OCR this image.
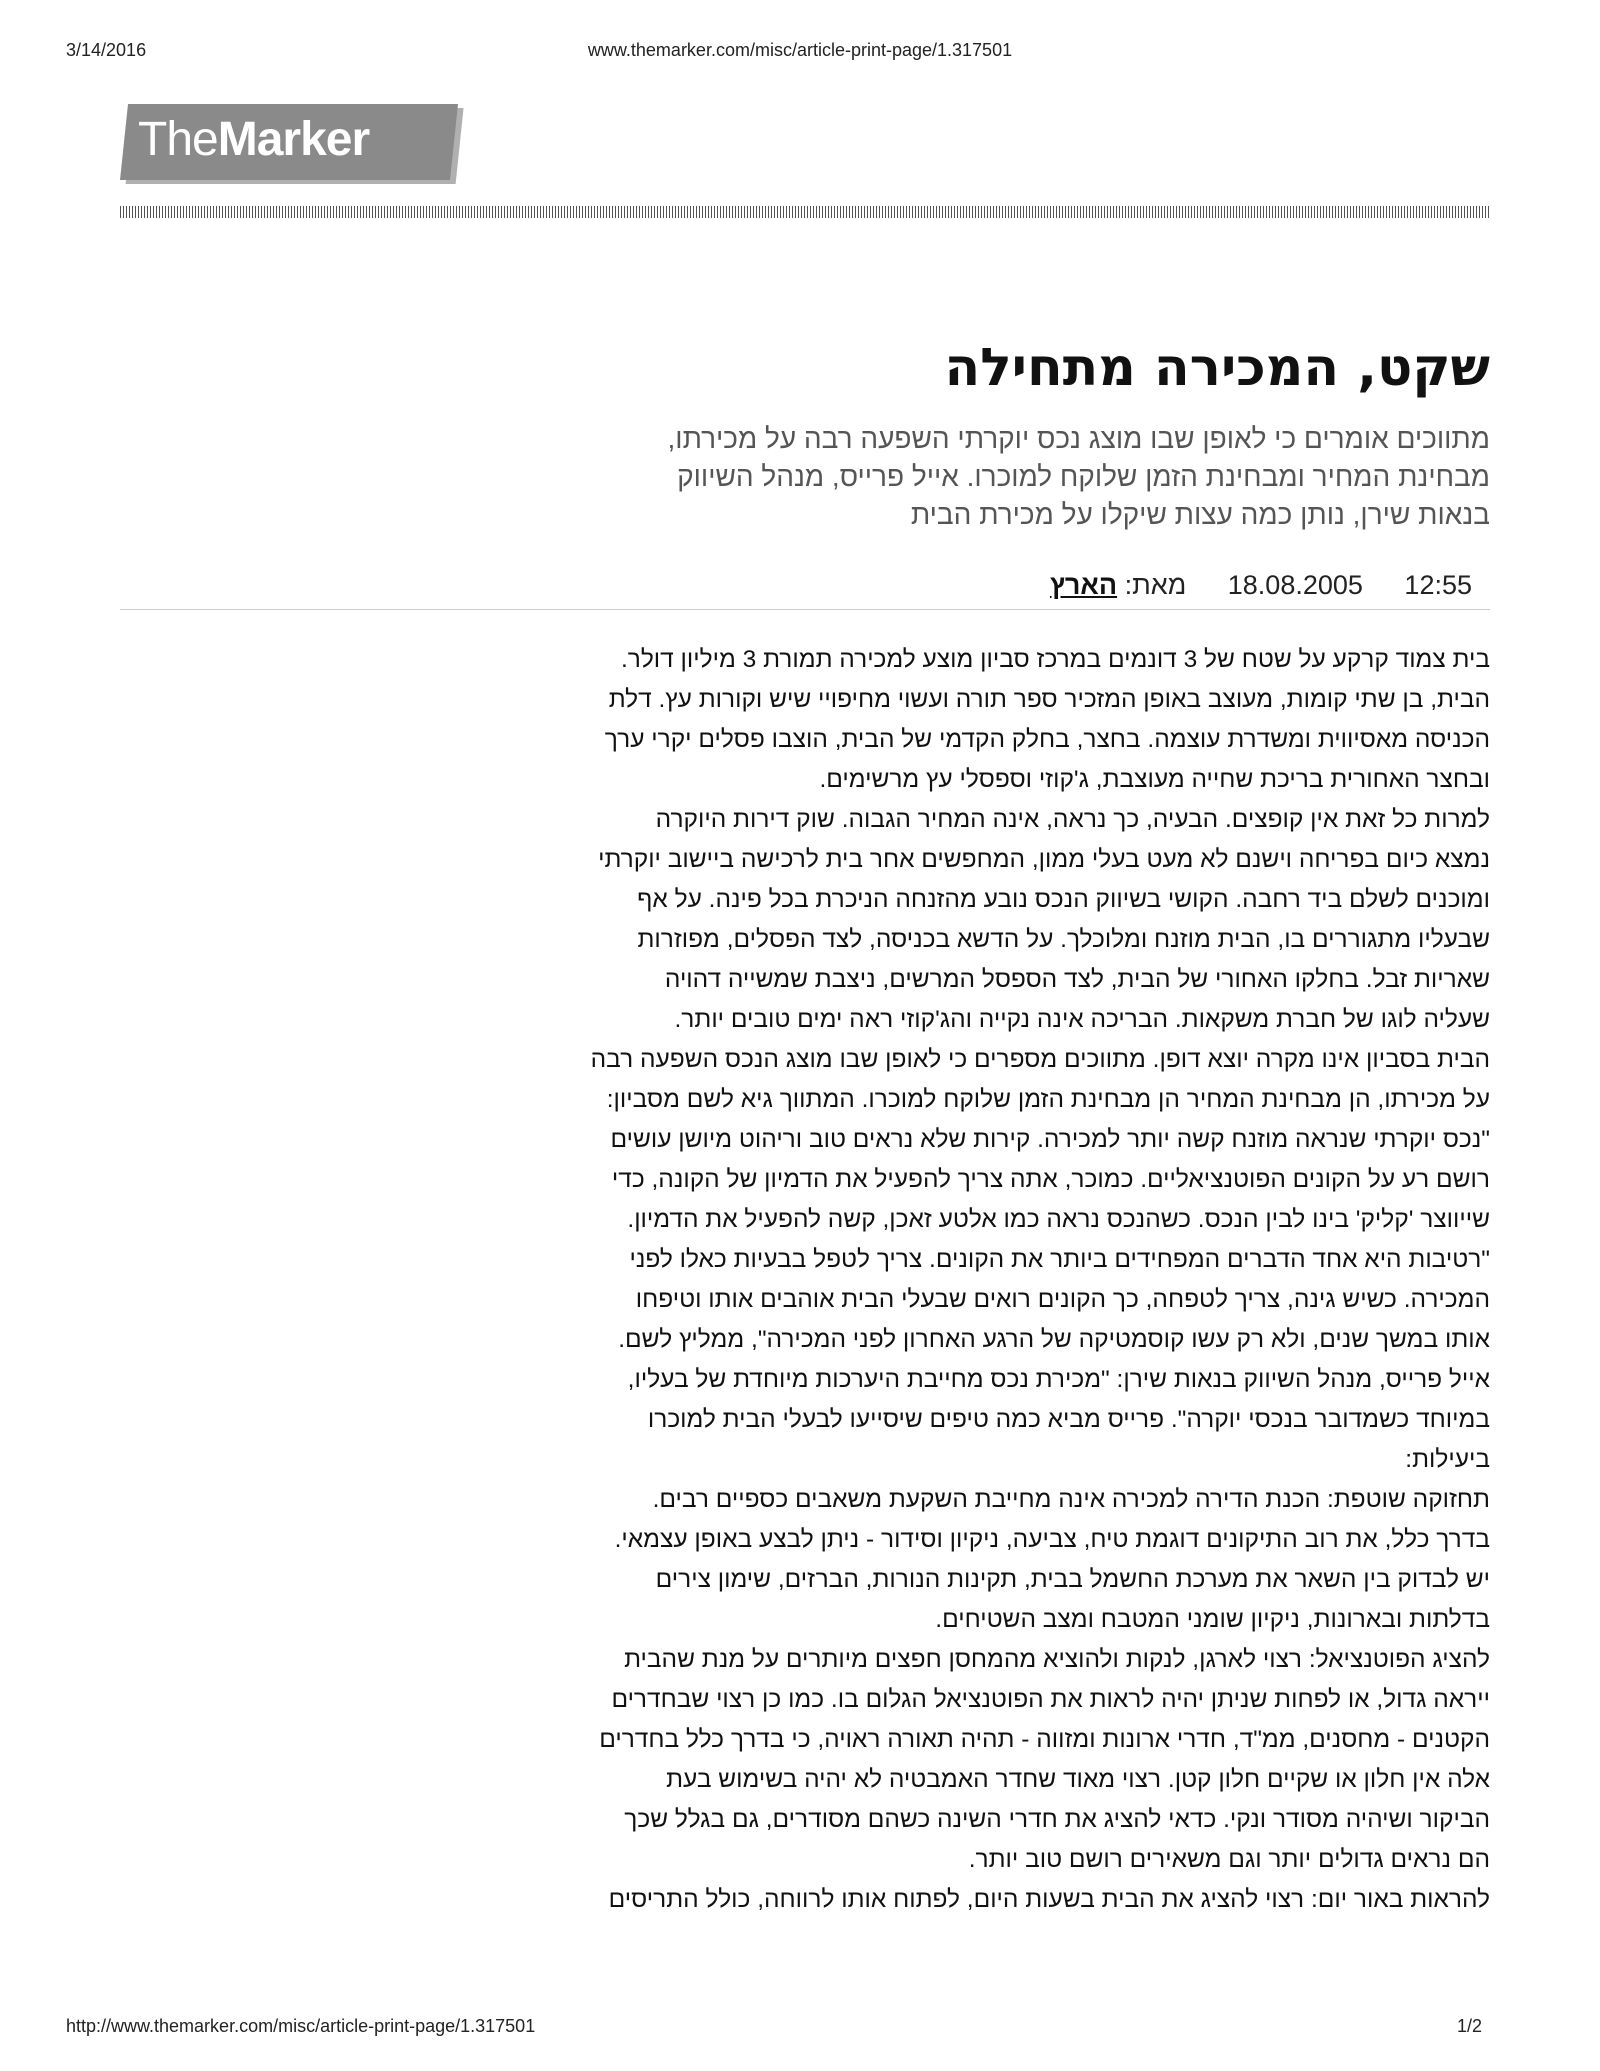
3/14/2016	www.themarker.com/misc/article-print-page/1.317501
TheMarker
שקט, המכירה מתחילה

מתווכים אומרים כי לאופן שבו מוצג נכס יוקרתי השפעה רבה על מכירתו,
מבחינת המחיר ומבחינת הזמן שלוקח למוכרו. אייל פרייס, מנהל השיווק
בנאות שירן, נותן כמה עצות שיקלו על מכירת הבית

12:55 18.08.2005 מאת: הארץ
בית צמוד קרקע על שטח של 3 דונמים במרכז סביון מוצע למכירה תמורת 3 מיליון דולר.
הבית, בן שתי קומות, מעוצב באופן המזכיר ספר תורה ועשוי מחיפויי שיש וקורות עץ. דלת
הכניסה מאסיווית ומשדרת עוצמה. בחצר, בחלק הקדמי של הבית, הוצבו פסלים יקרי ערך
ובחצר האחורית בריכת שחייה מעוצבת, ג'קוזי וספסלי עץ מרשימים.
למרות כל זאת אין קופצים. הבעיה, כך נראה, אינה המחיר הגבוה. שוק דירות היוקרה
נמצא כיום בפריחה וישנם לא מעט בעלי ממון, המחפשים אחר בית לרכישה ביישוב יוקרתי
ומוכנים לשלם ביד רחבה. הקושי בשיווק הנכס נובע מהזנחה הניכרת בכל פינה. על אף
שבעליו מתגוררים בו, הבית מוזנח ומלוכלך. על הדשא בכניסה, לצד הפסלים, מפוזרות
שאריות זבל. בחלקו האחורי של הבית, לצד הספסל המרשים, ניצבת שמשייה דהויה
שעליה לוגו של חברת משקאות. הבריכה אינה נקייה והג'קוזי ראה ימים טובים יותר.
הבית בסביון אינו מקרה יוצא דופן. מתווכים מספרים כי לאופן שבו מוצג הנכס השפעה רבה
על מכירתו, הן מבחינת המחיר הן מבחינת הזמן שלוקח למוכרו. המתווך גיא לשם מסביון:
"נכס יוקרתי שנראה מוזנח קשה יותר למכירה. קירות שלא נראים טוב וריהוט מיושן עושים
רושם רע על הקונים הפוטנציאליים. כמוכר, אתה צריך להפעיל את הדמיון של הקונה, כדי
שייווצר 'קליק' בינו לבין הנכס. כשהנכס נראה כמו אלטע זאכן, קשה להפעיל את הדמיון.
"רטיבות היא אחד הדברים המפחידים ביותר את הקונים. צריך לטפל בבעיות כאלו לפני
המכירה. כשיש גינה, צריך לטפחה, כך הקונים רואים שבעלי הבית אוהבים אותו וטיפחו
אותו במשך שנים, ולא רק עשו קוסמטיקה של הרגע האחרון לפני המכירה", ממליץ לשם.
אייל פרייס, מנהל השיווק בנאות שירן: "מכירת נכס מחייבת היערכות מיוחדת של בעליו,
במיוחד כשמדובר בנכסי יוקרה". פרייס מביא כמה טיפים שיסייעו לבעלי הבית למוכרו
ביעילות:
תחזוקה שוטפת: הכנת הדירה למכירה אינה מחייבת השקעת משאבים כספיים רבים.
בדרך כלל, את רוב התיקונים דוגמת טיח, צביעה, ניקיון וסידור - ניתן לבצע באופן עצמאי.
יש לבדוק בין השאר את מערכת החשמל בבית, תקינות הנורות, הברזים, שימון צירים
בדלתות ובארונות, ניקיון שומני המטבח ומצב השטיחים.
להציג הפוטנציאל: רצוי לארגן, לנקות ולהוציא מהמחסן חפצים מיותרים על מנת שהבית
ייראה גדול, או לפחות שניתן יהיה לראות את הפוטנציאל הגלום בו. כמו כן רצוי שבחדרים
הקטנים - מחסנים, ממ"ד, חדרי ארונות ומזווה - תהיה תאורה ראויה, כי בדרך כלל בחדרים
אלה אין חלון או שקיים חלון קטן. רצוי מאוד שחדר האמבטיה לא יהיה בשימוש בעת
הביקור ושיהיה מסודר ונקי. כדאי להציג את חדרי השינה כשהם מסודרים, גם בגלל שכך
הם נראים גדולים יותר וגם משאירים רושם טוב יותר.
להראות באור יום: רצוי להציג את הבית בשעות היום, לפתוח אותו לרווחה, כולל התריסים
http://www.themarker.com/misc/article-print-page/1.317501	1/2
